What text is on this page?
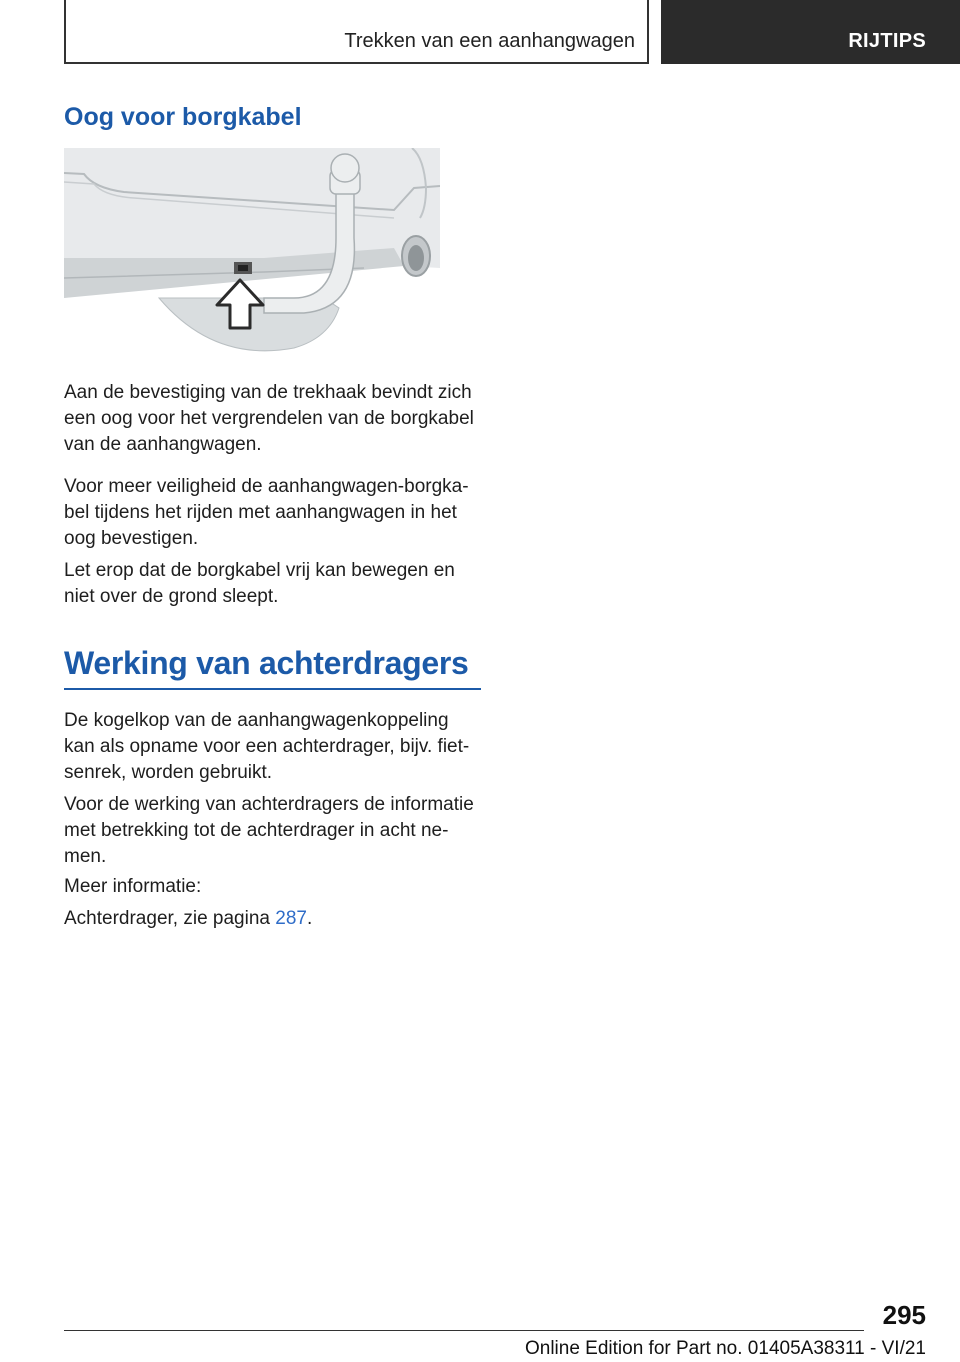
Trekken van een aanhangwagen	RIJTIPS
Oog voor borgkabel

Aan de bevestiging van de trekhaak bevindt zich een oog voor het vergrendelen van de borgkabel van de aanhangwagen.

Voor meer veiligheid de aanhangwagen-borgkabel tijdens het rijden met aanhangwagen in het oog bevestigen.

Let erop dat de borgkabel vrij kan bewegen en niet over de grond sleept.

Werking van achterdragers

De kogelkop van de aanhangwagenkoppeling kan als opname voor een achterdrager, bijv. fietsenrek, worden gebruikt.

Voor de werking van achterdragers de informatie met betrekking tot de achterdrager in acht nemen.

Meer informatie:

Achterdrager, zie pagina 287.

295
Online Edition for Part no. 01405A38311 - VI/21
